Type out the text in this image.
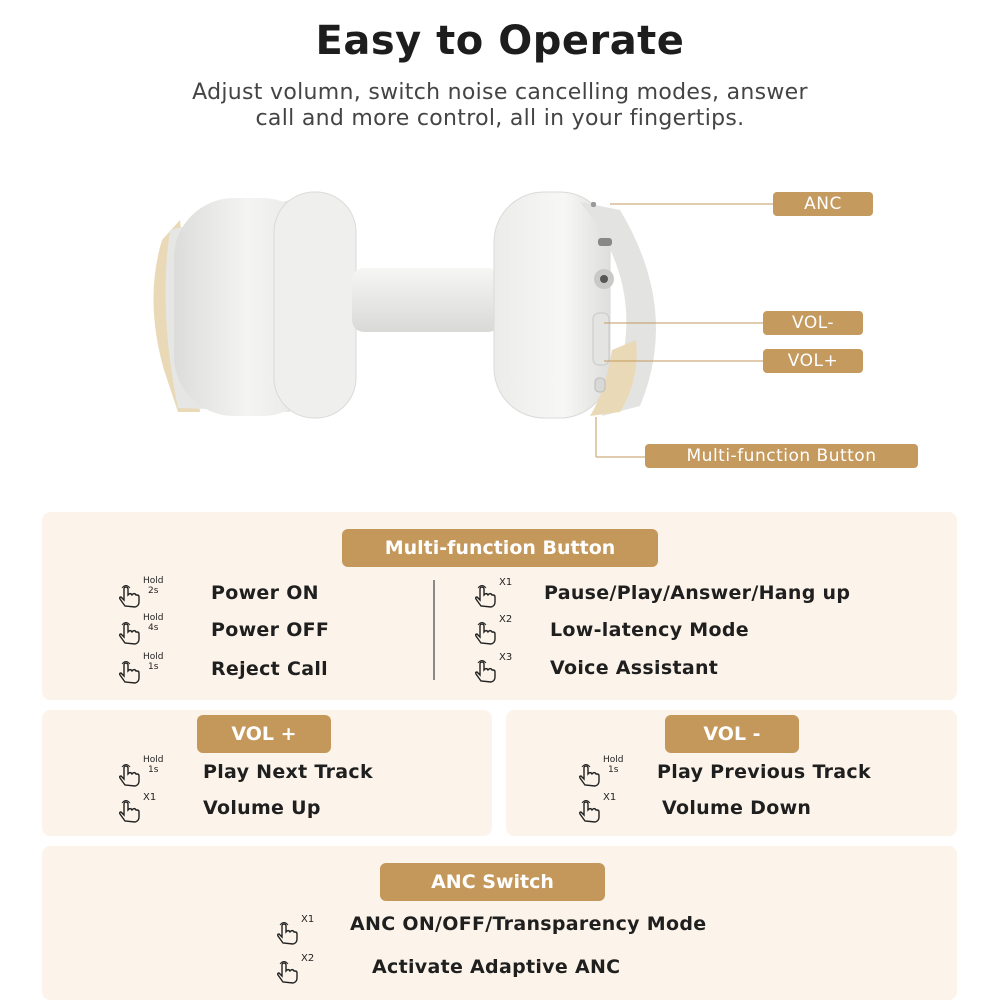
Easy to Operate
Adjust volumn, switch noise cancelling modes, answer
call and more control, all in your fingertips.
ANC
VOL-
VOL+
Multi-function Button
Multi-function Button
Hold
2s	Power ON
Hold
4s	Power OFF
Hold
1s	Reject Call
X1 Pause/Play/Answer/Hang up
X2 Low-latency Mode
X3 Voice Assistant
VOL +
Hold
1s Play Next Track
X1 Volume Up
VOL -
Hold
1s Play Previous Track
X1 Volume Down
ANC Switch
X1 ANC ON/OFF/Transparency Mode
X2	Activate Adaptive ANC
